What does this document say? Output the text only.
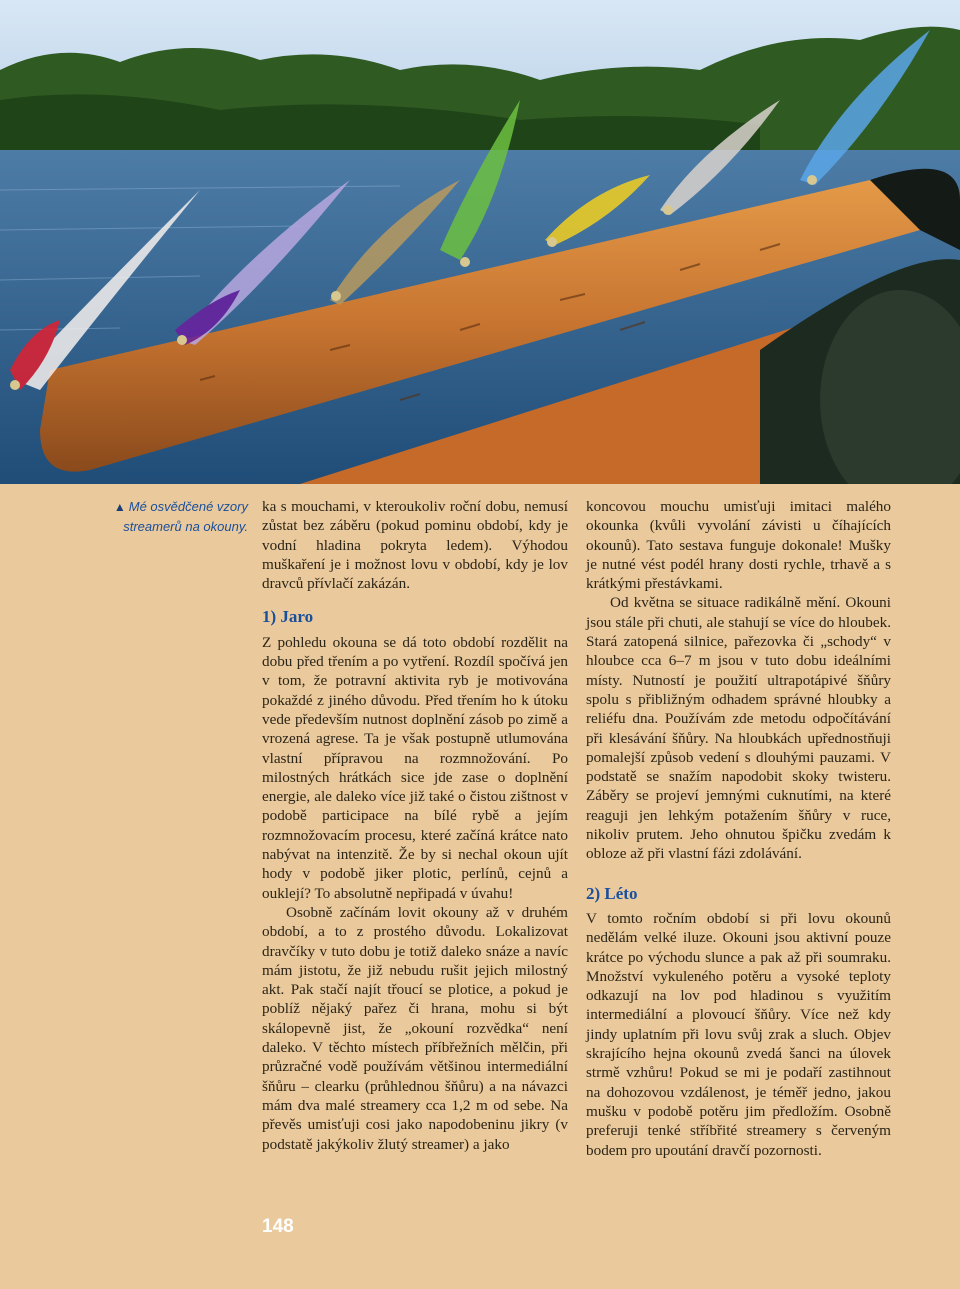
▲ Mé osvědčené vzory streamerů na okouny.

ka s mouchami, v kteroukoliv roční dobu, nemusí zůstat bez záběru (pokud pominu období, kdy je vodní hladina pokryta ledem). Výhodou muškaření je i možnost lovu v období, kdy je lov dravců přívlačí zakázán.

1) Jaro

Z pohledu okouna se dá toto období rozdělit na dobu před třením a po vytření. Rozdíl spočívá jen v tom, že potravní aktivita ryb je motivována pokaždé z jiného důvodu. Před třením ho k útoku vede především nutnost doplnění zásob po zimě a vrozená agrese. Ta je však postupně utlumována vlastní přípravou na rozmnožování. Po milostných hrátkách sice jde zase o doplnění energie, ale daleko více již také o čistou zištnost v podobě participace na bílé rybě a jejím rozmnožovacím procesu, které začíná krátce nato nabývat na intenzitě. Že by si nechal okoun ujít hody v podobě jiker plotic, perlínů, cejnů a ouklejí? To absolutně nepřipadá v úvahu!

Osobně začínám lovit okouny až v druhém období, a to z prostého důvodu. Lokalizovat dravčíky v tuto dobu je totiž daleko snáze a navíc mám jistotu, že již nebudu rušit jejich milostný akt. Pak stačí najít třoucí se plotice, a pokud je poblíž nějaký pařez či hrana, mohu si být skálopevně jist, že „okouní rozvědka“ není daleko. V těchto místech příbřežních mělčin, při průzračné vodě používám většinou intermediální šňůru – clearku (průhlednou šňůru) a na návazci mám dva malé streamery cca 1,2 m od sebe. Na převěs umisťuji cosi jako napodobeninu jikry (v podstatě jakýkoliv žlutý streamer) a jako

koncovou mouchu umisťuji imitaci malého okounka (kvůli vyvolání závisti u číhajících okounů). Tato sestava funguje dokonale! Mušky je nutné vést podél hrany dosti rychle, trhavě a s krátkými přestávkami.

Od května se situace radikálně mění. Okouni jsou stále při chuti, ale stahují se více do hloubek. Stará zatopená silnice, pařezovka či „schody“ v hloubce cca 6–7 m jsou v tuto dobu ideálními místy. Nutností je použití ultrapotápivé šňůry spolu s přibližným odhadem správné hloubky a reliéfu dna. Používám zde metodu odpočítávání při klesávání šňůry. Na hloubkách upřednostňuji pomalejší způsob vedení s dlouhými pauzami. V podstatě se snažím napodobit skoky twisteru. Záběry se projeví jemnými cuknutími, na které reaguji jen lehkým potažením šňůry v ruce, nikoliv prutem. Jeho ohnutou špičku zvedám k obloze až při vlastní fázi zdolávání.

2) Léto

V tomto ročním období si při lovu okounů nedělám velké iluze. Okouni jsou aktivní pouze krátce po východu slunce a pak až při soumraku. Množství vykuleného potěru a vysoké teploty odkazují na lov pod hladinou s využitím intermediální a plovoucí šňůry. Více než kdy jindy uplatním při lovu svůj zrak a sluch. Objev skrajícího hejna okounů zvedá šanci na úlovek strmě vzhůru! Pokud se mi je podaří zastihnout na dohozovou vzdálenost, je téměř jedno, jakou mušku v podobě potěru jim předložím. Osobně preferuji tenké stříbřité streamery s červeným bodem pro upoutání dravčí pozornosti.

148
